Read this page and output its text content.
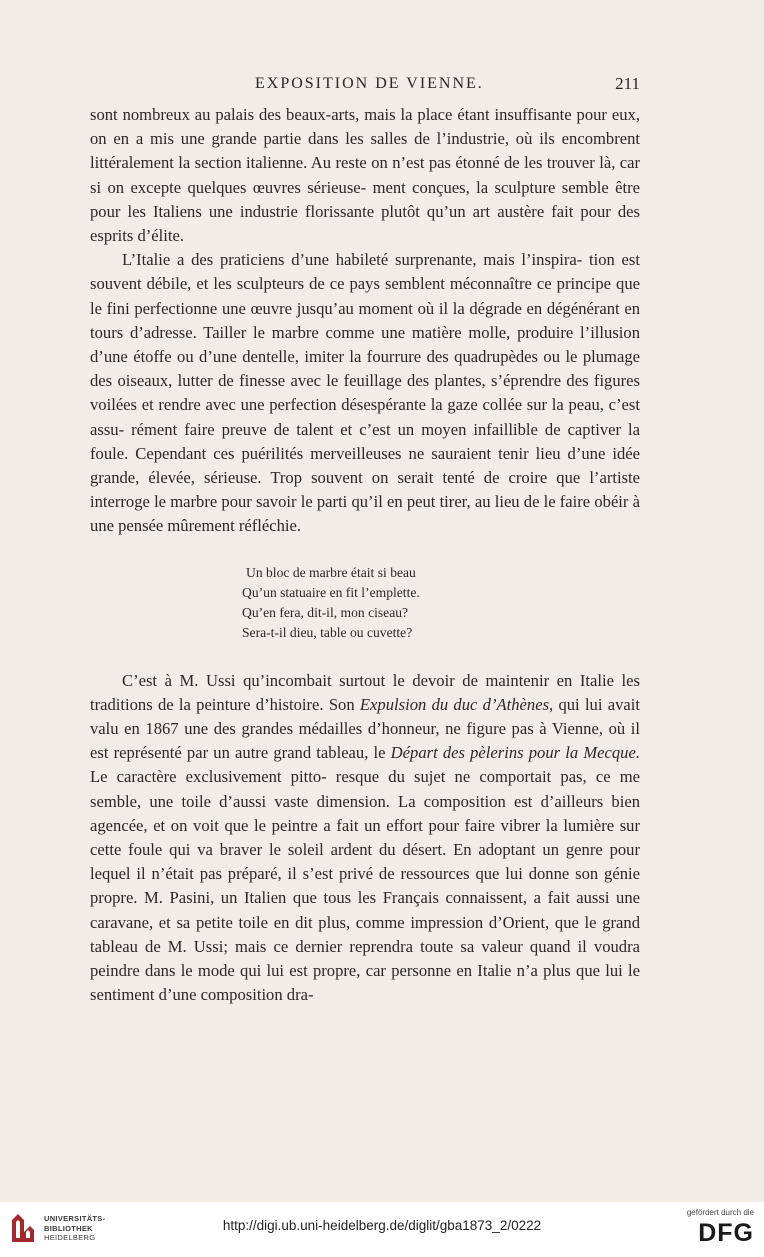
EXPOSITION DE VIENNE.	211

sont nombreux au palais des beaux-arts, mais la place étant insuffisante pour eux, on en a mis une grande partie dans les salles de l’industrie, où ils encombrent littéralement la section italienne. Au reste on n’est pas étonné de les trouver là, car si on excepte quelques œuvres sérieuse- ment conçues, la sculpture semble être pour les Italiens une industrie florissante plutôt qu’un art austère fait pour des esprits d’élite.

L’Italie a des praticiens d’une habileté surprenante, mais l’inspira- tion est souvent débile, et les sculpteurs de ce pays semblent méconnaître ce principe que le fini perfectionne une œuvre jusqu’au moment où il la dégrade en dégénérant en tours d’adresse. Tailler le marbre comme une matière molle, produire l’illusion d’une étoffe ou d’une dentelle, imiter la fourrure des quadrupèdes ou le plumage des oiseaux, lutter de finesse avec le feuillage des plantes, s’éprendre des figures voilées et rendre avec une perfection désespérante la gaze collée sur la peau, c’est assu- rément faire preuve de talent et c’est un moyen infaillible de captiver la foule. Cependant ces puérilités merveilleuses ne sauraient tenir lieu d’une idée grande, élevée, sérieuse. Trop souvent on serait tenté de croire que l’artiste interroge le marbre pour savoir le parti qu’il en peut tirer, au lieu de le faire obéir à une pensée mûrement réfléchie.

Un bloc de marbre était si beau
Qu’un statuaire en fit l’emplette.
Qu’en fera, dit-il, mon ciseau?
Sera-t-il dieu, table ou cuvette?

C’est à M. Ussi qu’incombait surtout le devoir de maintenir en Italie les traditions de la peinture d’histoire. Son Expulsion du duc d’Athènes, qui lui avait valu en 1867 une des grandes médailles d’honneur, ne figure pas à Vienne, où il est représenté par un autre grand tableau, le Départ des pèlerins pour la Mecque. Le caractère exclusivement pitto- resque du sujet ne comportait pas, ce me semble, une toile d’aussi vaste dimension. La composition est d’ailleurs bien agencée, et on voit que le peintre a fait un effort pour faire vibrer la lumière sur cette foule qui va braver le soleil ardent du désert. En adoptant un genre pour lequel il n’était pas préparé, il s’est privé de ressources que lui donne son génie propre. M. Pasini, un Italien que tous les Français connaissent, a fait aussi une caravane, et sa petite toile en dit plus, comme impression d’Orient, que le grand tableau de M. Ussi; mais ce dernier reprendra toute sa valeur quand il voudra peindre dans le mode qui lui est propre, car personne en Italie n’a plus que lui le sentiment d’une composition dra-

UNIVERSITÄTS-
BIBLIOTHEK
HEIDELBERG
http://digi.ub.uni-heidelberg.de/diglit/gba1873_2/0222
gefördert durch die
DFG
